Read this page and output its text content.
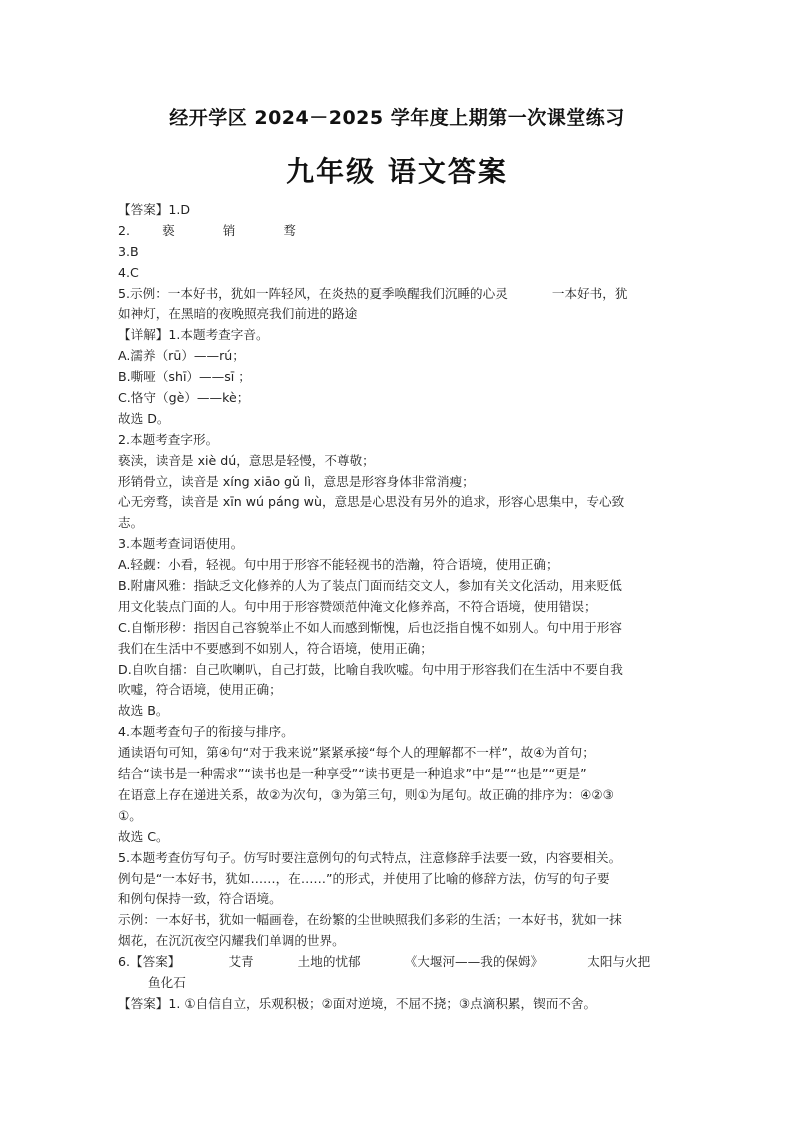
经开学区 2024－2025 学年度上期第一次课堂练习
九年级 语文答案
【答案】1.D
2.	亵	销	骛
3.B
4.C
5.示例：一本好书，犹如一阵轻风，在炎热的夏季唤醒我们沉睡的心灵	一本好书，犹
如神灯，在黑暗的夜晚照亮我们前进的路途
【详解】1.本题考查字音。
A.濡养（rū）——rú；
B.嘶哑（shī）——sī ；
C.恪守（gè）——kè；
故选 D。
2.本题考查字形。
亵渎，读音是 xiè dú，意思是轻慢，不尊敬；
形销骨立，读音是 xíng xiāo gǔ lì，意思是形容身体非常消瘦；
心无旁骛，读音是 xīn wú páng wù，意思是心思没有另外的追求，形容心思集中，专心致
志。
3.本题考查词语使用。
A.轻觑：小看，轻视。句中用于形容不能轻视书的浩瀚，符合语境，使用正确；
B.附庸风雅：指缺乏文化修养的人为了装点门面而结交文人，参加有关文化活动，用来贬低
用文化装点门面的人。句中用于形容赞颂范仲淹文化修养高，不符合语境，使用错误；
C.自惭形秽：指因自己容貌举止不如人而感到惭愧，后也泛指自愧不如别人。句中用于形容
我们在生活中不要感到不如别人，符合语境，使用正确；
D.自吹自擂：自己吹喇叭，自己打鼓，比喻自我吹嘘。句中用于形容我们在生活中不要自我
吹嘘，符合语境，使用正确；
故选 B。
4.本题考查句子的衔接与排序。
通读语句可知，第④句“对于我来说”紧紧承接“每个人的理解都不一样”，故④为首句；
结合“读书是一种需求”“读书也是一种享受”“读书更是一种追求”中“是”“也是”“更是”
在语意上存在递进关系，故②为次句，③为第三句，则①为尾句。故正确的排序为：④②③
①。
故选 C。
5.本题考查仿写句子。仿写时要注意例句的句式特点，注意修辞手法要一致，内容要相关。
例句是“一本好书，犹如……，在……”的形式，并使用了比喻的修辞方法，仿写的句子要
和例句保持一致，符合语境。
示例：一本好书，犹如一幅画卷，在纷繁的尘世映照我们多彩的生活；一本好书，犹如一抹
烟花，在沉沉夜空闪耀我们单调的世界。
6.【答案】	艾青	土地的忧郁	《大堰河——我的保姆》	太阳与火把
鱼化石
【答案】1. ①自信自立，乐观积极；②面对逆境，不屈不挠；③点滴积累，锲而不舍。
